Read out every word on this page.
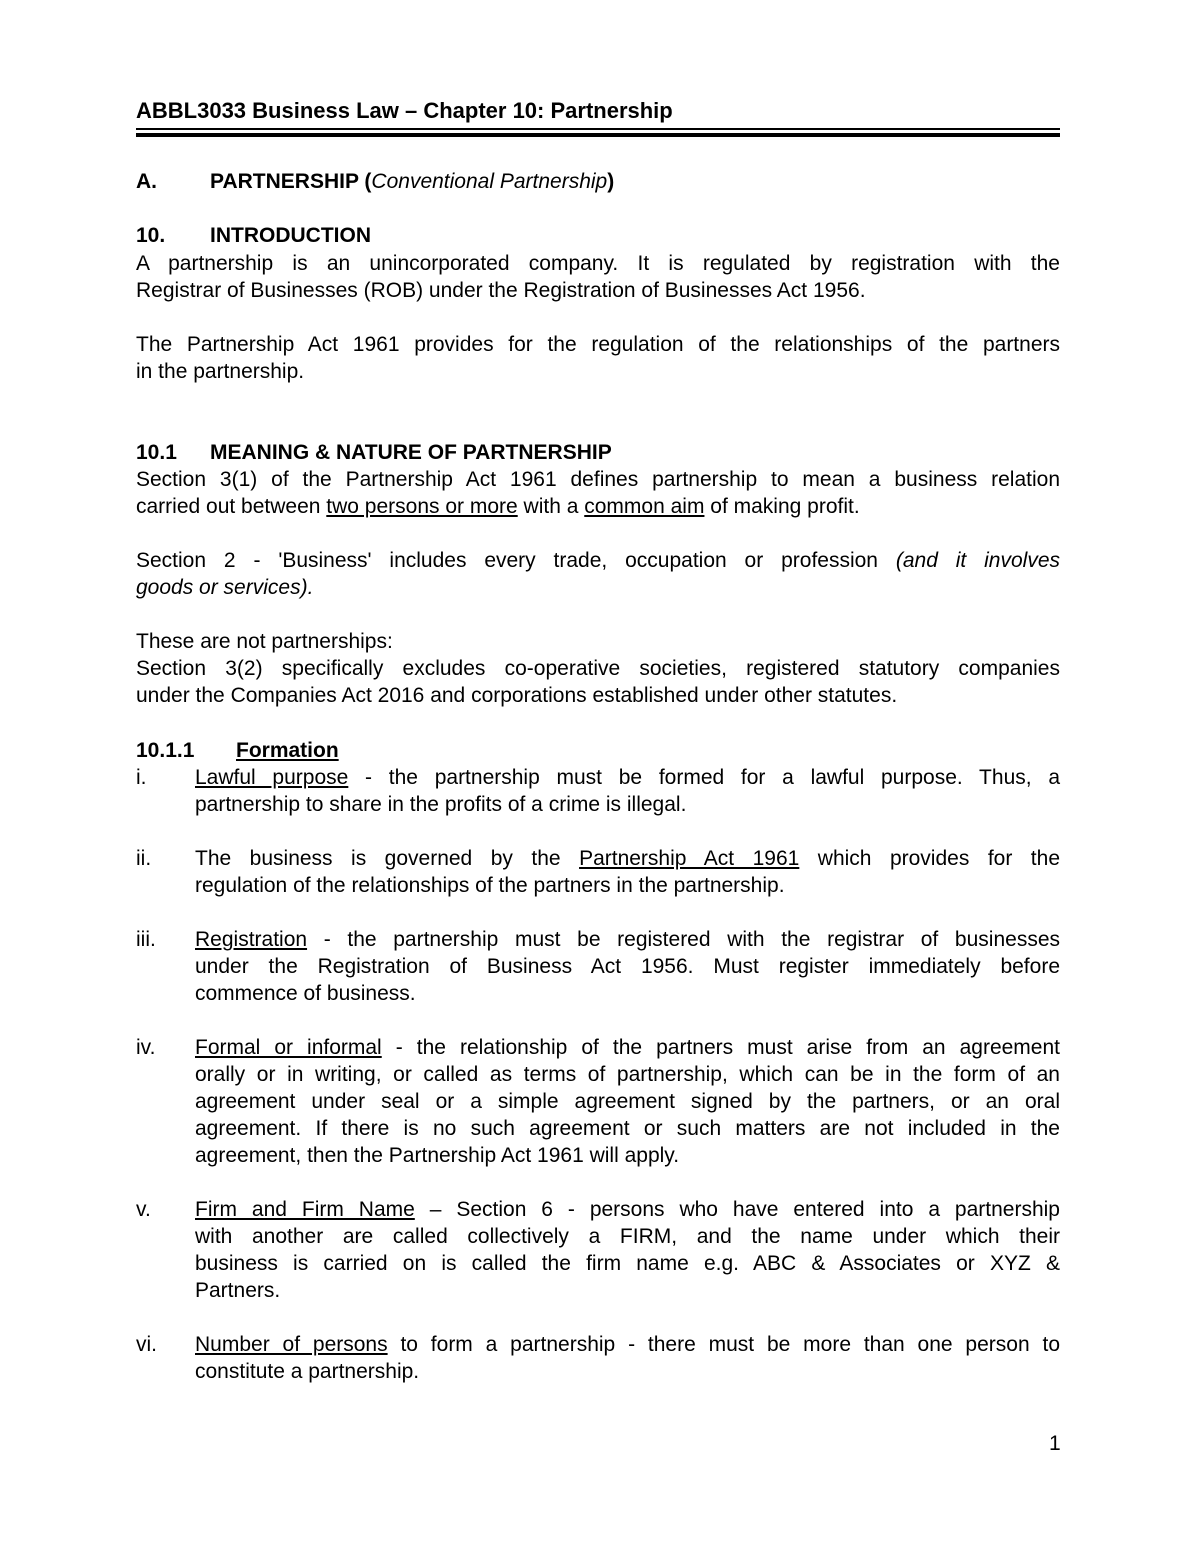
ABBL3033 Business Law – Chapter 10: Partnership
A.	PARTNERSHIP (Conventional Partnership)
10. INTRODUCTION
A partnership is an unincorporated company. It is regulated by registration with the
Registrar of Businesses (ROB) under the Registration of Businesses Act 1956.
The Partnership Act 1961 provides for the regulation of the relationships of the partners
in the partnership.
10.1 MEANING & NATURE OF PARTNERSHIP
Section 3(1) of the Partnership Act 1961 defines partnership to mean a business relation
carried out between two persons or more with a common aim of making profit.
Section 2 - 'Business' includes every trade, occupation or profession (and it involves
goods or services).
These are not partnerships:
Section 3(2) specifically excludes co-operative societies, registered statutory companies
under the Companies Act 2016 and corporations established under other statutes.
10.1.1 Formation
i. Lawful purpose - the partnership must be formed for a lawful purpose. Thus, a
partnership to share in the profits of a crime is illegal.
ii. The business is governed by the Partnership Act 1961 which provides for the
regulation of the relationships of the partners in the partnership.
iii. Registration - the partnership must be registered with the registrar of businesses
under the Registration of Business Act 1956. Must register immediately before
commence of business.
iv. Formal or informal - the relationship of the partners must arise from an agreement
orally or in writing, or called as terms of partnership, which can be in the form of an
agreement under seal or a simple agreement signed by the partners, or an oral
agreement. If there is no such agreement or such matters are not included in the
agreement, then the Partnership Act 1961 will apply.
v. Firm and Firm Name – Section 6 - persons who have entered into a partnership
with another are called collectively a FIRM, and the name under which their
business is carried on is called the firm name e.g. ABC & Associates or XYZ &
Partners.
vi. Number of persons to form a partnership - there must be more than one person to
constitute a partnership.
1
